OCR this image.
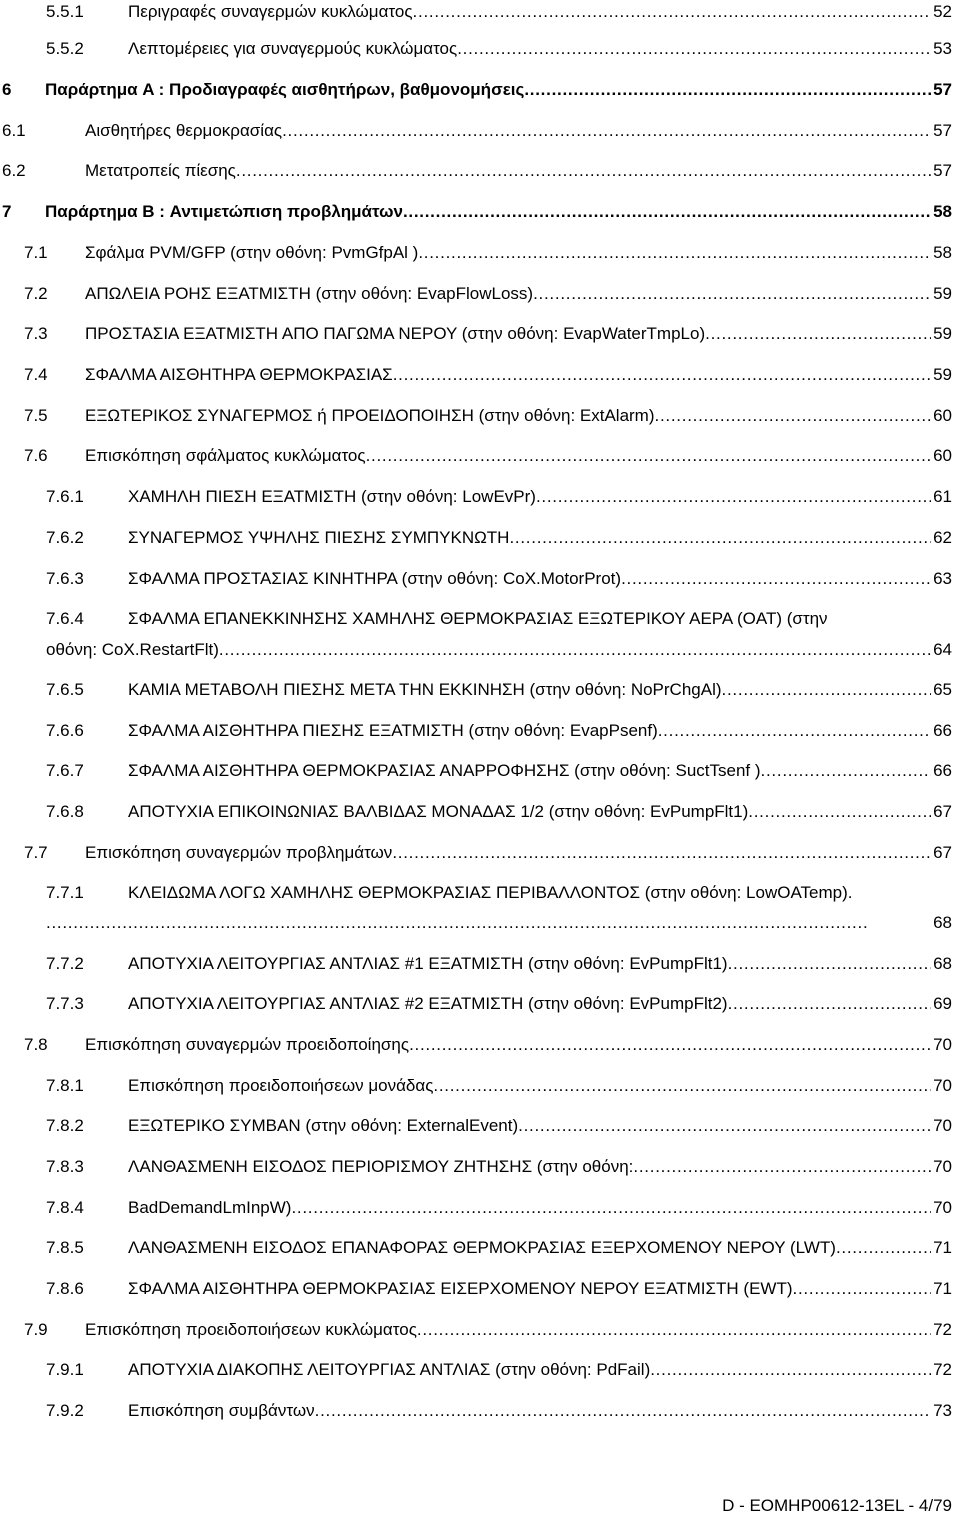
5.5.1	Περιγραφές συναγερμών κυκλώματος . . .	52
5.5.2	Λεπτομέρειες για συναγερμούς κυκλώματος . . .	53
6 Παράρτημα A : Προδιαγραφές αισθητήρων, βαθμονομήσεις . . .	57
6.1	Αισθητήρες θερμοκρασίας . . .	57
6.2	Μετατροπείς πίεσης . . .	57
7 Παράρτημα B : Αντιμετώπιση προβλημάτων . . .	58
7.1 Σφάλμα PVM/GFP (στην οθόνη: PvmGfpAl ) . . .	58
7.2 ΑΠΩΛΕΙΑ ΡΟΗΣ ΕΞΑΤΜΙΣΤΗ (στην οθόνη: EvapFlowLoss) . . .	59
7.3 ΠΡΟΣΤΑΣΙΑ ΕΞΑΤΜΙΣΤΗ ΑΠΟ ΠΑΓΩΜΑ ΝΕΡΟΥ (στην οθόνη: EvapWaterTmpLo) . . .	59
7.4 ΣΦΑΛΜΑ ΑΙΣΘΗΤΗΡΑ ΘΕΡΜΟΚΡΑΣΙΑΣ . . .	59
7.5 ΕΞΩΤΕΡΙΚΟΣ ΣΥΝΑΓΕΡΜΟΣ ή ΠΡΟΕΙΔΟΠΟΙΗΣΗ (στην οθόνη: ExtAlarm) . . .	60
7.6 Επισκόπηση σφάλματος κυκλώματος . . .	60
7.6.1	ΧΑΜΗΛΗ ΠΙΕΣΗ ΕΞΑΤΜΙΣΤΗ (στην οθόνη: LowEvPr) . . .	61
7.6.2	ΣΥΝΑΓΕΡΜΟΣ ΥΨΗΛΗΣ ΠΙΕΣΗΣ ΣΥΜΠΥΚΝΩΤΗ . . .	62
7.6.3	ΣΦΑΛΜΑ ΠΡΟΣΤΑΣΙΑΣ ΚΙΝΗΤΗΡΑ (στην οθόνη: CoX.MotorProt) . . .	63
7.6.4	ΣΦΑΛΜΑ ΕΠΑΝΕΚΚΙΝΗΣΗΣ ΧΑΜΗΛΗΣ ΘΕΡΜΟΚΡΑΣΙΑΣ ΕΞΩΤΕΡΙΚΟΥ ΑΕΡΑ (OAT) (στην
οθόνη: CoX.RestartFlt) . . .	64
7.6.5	ΚΑΜΙΑ ΜΕΤΑΒΟΛΗ ΠΙΕΣΗΣ ΜΕΤΑ ΤΗΝ ΕΚΚΙΝΗΣΗ (στην οθόνη: NoPrChgAl) . . .	65
7.6.6	ΣΦΑΛΜΑ ΑΙΣΘΗΤΗΡΑ ΠΙΕΣΗΣ ΕΞΑΤΜΙΣΤΗ (στην οθόνη: EvapPsenf) . . .	66
7.6.7	ΣΦΑΛΜΑ ΑΙΣΘΗΤΗΡΑ ΘΕΡΜΟΚΡΑΣΙΑΣ ΑΝΑΡΡΟΦΗΣΗΣ (στην οθόνη: SuctTsenf ) . . .	66
7.6.8	ΑΠΟΤΥΧΙΑ ΕΠΙΚΟΙΝΩΝΙΑΣ ΒΑΛΒΙΔΑΣ ΜΟΝΑΔΑΣ 1/2 (στην οθόνη: EvPumpFlt1) . . .	67
7.7 Επισκόπηση συναγερμών προβλημάτων . . .	67
7.7.1	ΚΛΕΙΔΩΜΑ ΛΟΓΩ ΧΑΜΗΛΗΣ ΘΕΡΜΟΚΡΑΣΙΑΣ ΠΕΡΙΒΑΛΛΟΝΤΟΣ (στην οθόνη: LowOATemp).
. . .
68
7.7.2	ΑΠΟΤΥΧΙΑ ΛΕΙΤΟΥΡΓΙΑΣ ΑΝΤΛΙΑΣ #1 ΕΞΑΤΜΙΣΤΗ (στην οθόνη: EvPumpFlt1) . . .	68
7.7.3	ΑΠΟΤΥΧΙΑ ΛΕΙΤΟΥΡΓΙΑΣ ΑΝΤΛΙΑΣ #2 ΕΞΑΤΜΙΣΤΗ (στην οθόνη: EvPumpFlt2) . . .	69
7.8 Επισκόπηση συναγερμών προειδοποίησης . . .	70
7.8.1	Επισκόπηση προειδοποιήσεων μονάδας . . .	70
7.8.2	ΕΞΩΤΕΡΙΚΟ ΣΥΜΒΑΝ (στην οθόνη: ExternalEvent) . . .	70
7.8.3	ΛΑΝΘΑΣΜΕΝΗ ΕΙΣΟΔΟΣ ΠΕΡΙΟΡΙΣΜΟΥ ΖΗΤΗΣΗΣ (στην οθόνη: . . .	70
7.8.4	BadDemandLmInpW) . . .	70
7.8.5	ΛΑΝΘΑΣΜΕΝΗ ΕΙΣΟΔΟΣ ΕΠΑΝΑΦΟΡΑΣ ΘΕΡΜΟΚΡΑΣΙΑΣ ΕΞΕΡΧΟΜΕΝΟΥ ΝΕΡΟΥ (LWT) . . .	71
7.8.6	ΣΦΑΛΜΑ ΑΙΣΘΗΤΗΡΑ ΘΕΡΜΟΚΡΑΣΙΑΣ ΕΙΣΕΡΧΟΜΕΝΟΥ ΝΕΡΟΥ ΕΞΑΤΜΙΣΤΗ (EWT) . . .	71
7.9 Επισκόπηση προειδοποιήσεων κυκλώματος . . .	72
7.9.1	ΑΠΟΤΥΧΙΑ ΔΙΑΚΟΠΗΣ ΛΕΙΤΟΥΡΓΙΑΣ ΑΝΤΛΙΑΣ (στην οθόνη: PdFail) . . .	72
7.9.2	Επισκόπηση συμβάντων . . .	73
D - EOMHP00612-13EL - 4/79
